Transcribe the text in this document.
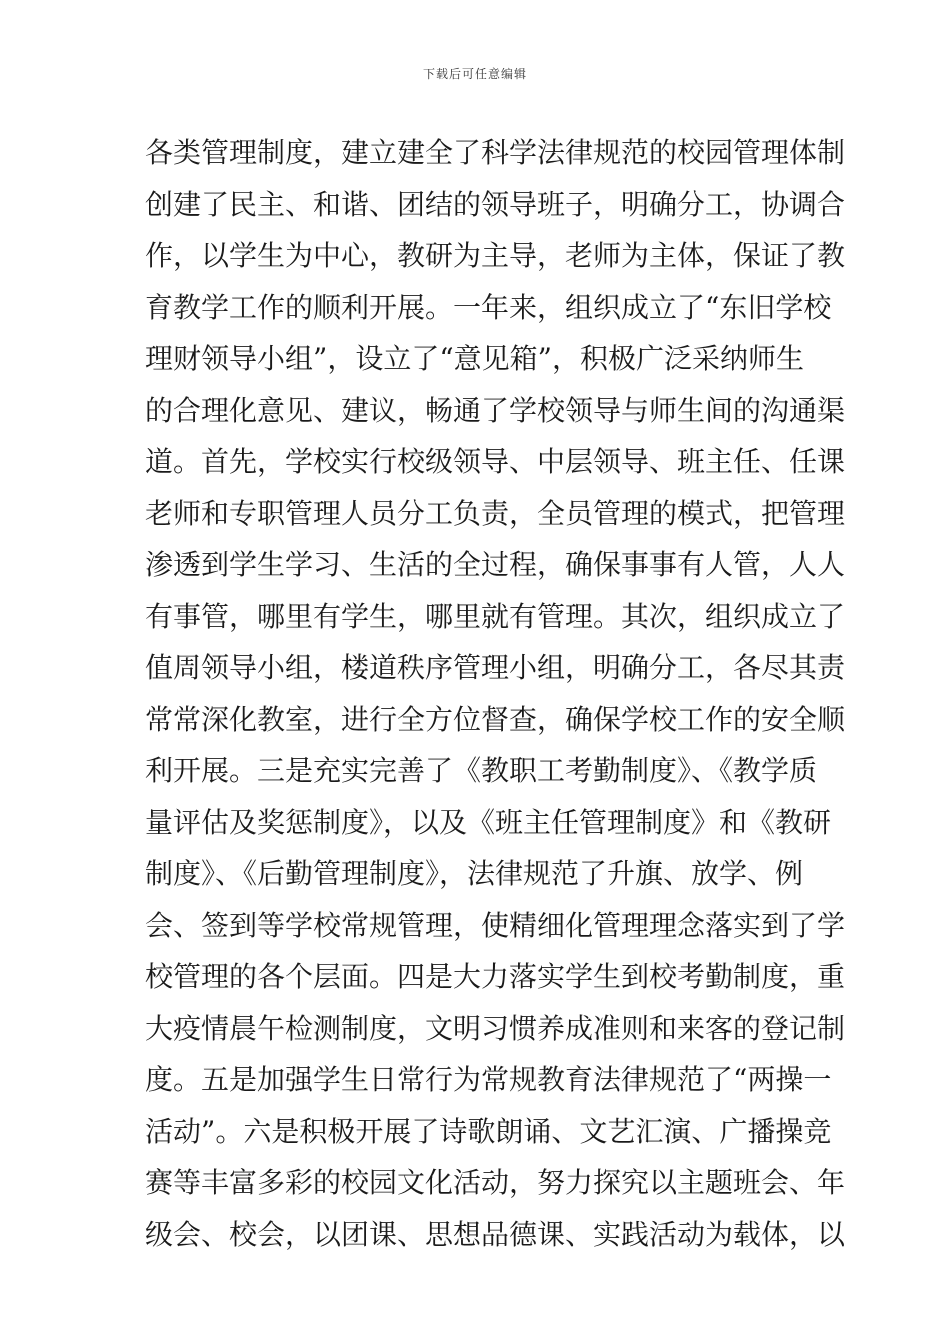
下载后可任意编辑
各类管理制度，建立建全了科学法律规范的校园管理体制
创建了民主、和谐、团结的领导班子，明确分工，协调合
作，以学生为中心，教研为主导，老师为主体，保证了教
育教学工作的顺利开展。一年来，组织成立了“东旧学校
理财领导小组”，设立了“意见箱”，积极广泛采纳师生
的合理化意见、建议，畅通了学校领导与师生间的沟通渠
道。首先，学校实行校级领导、中层领导、班主任、任课
老师和专职管理人员分工负责，全员管理的模式，把管理
渗透到学生学习、生活的全过程，确保事事有人管，人人
有事管，哪里有学生，哪里就有管理。其次，组织成立了
值周领导小组，楼道秩序管理小组，明确分工，各尽其责
常常深化教室，进行全方位督查，确保学校工作的安全顺
利开展。三是充实完善了《教职工考勤制度》、《教学质
量评估及奖惩制度》，以及《班主任管理制度》和《教研
制度》、《后勤管理制度》，法律规范了升旗、放学、例
会、签到等学校常规管理，使精细化管理理念落实到了学
校管理的各个层面。四是大力落实学生到校考勤制度，重
大疫情晨午检测制度，文明习惯养成准则和来客的登记制
度。五是加强学生日常行为常规教育法律规范了“两操一
活动”。六是积极开展了诗歌朗诵、文艺汇演、广播操竞
赛等丰富多彩的校园文化活动，努力探究以主题班会、年
级会、校会，以团课、思想品德课、实践活动为载体，以
